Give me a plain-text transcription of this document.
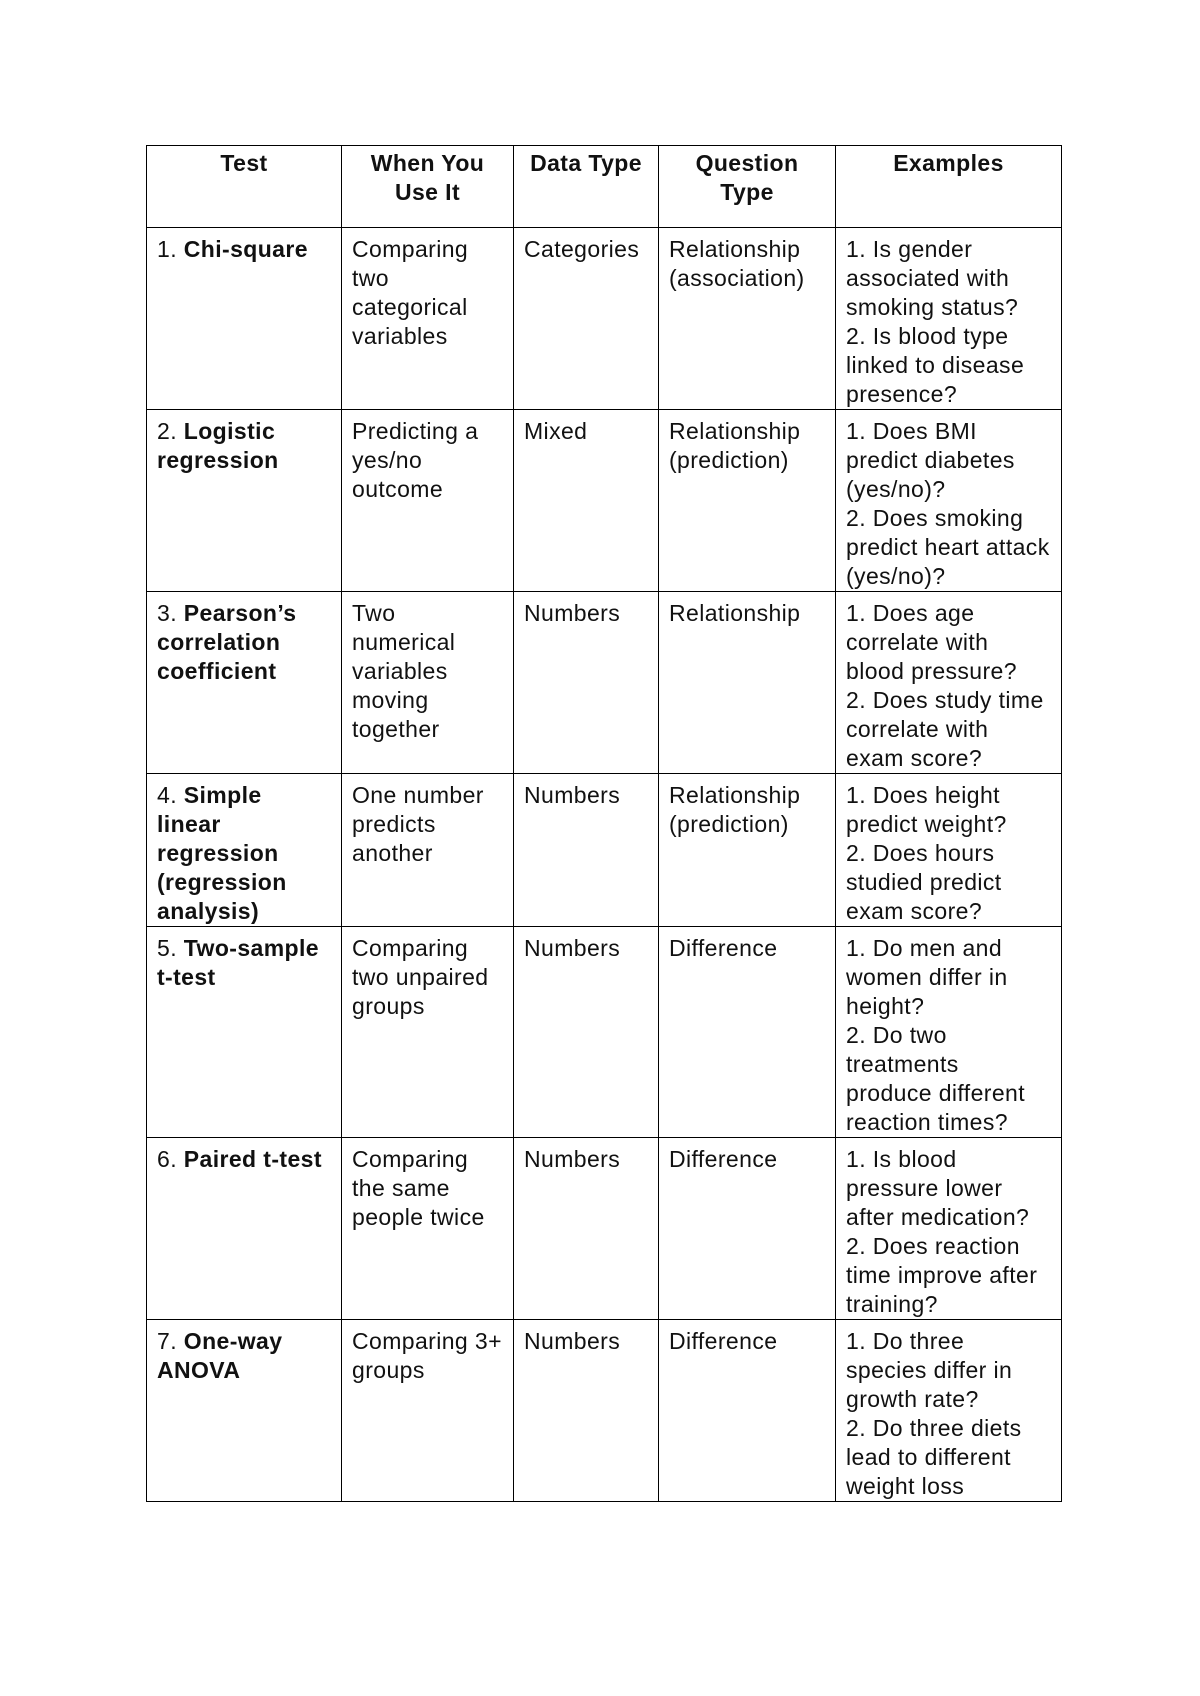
Test	When You Use It	Data Type	Question Type	Examples
1. Chi-square	Comparing two categorical variables	Categories	Relationship (association)	1. Is gender associated with smoking status?
2. Is blood type linked to disease presence?

2. Logistic regression	Predicting a yes/no outcome	Mixed	Relationship (prediction)	1. Does BMI predict diabetes (yes/no)?
2. Does smoking predict heart attack (yes/no)?

3. Pearson’s correlation coefficient	Two numerical variables moving together	Numbers	Relationship	1. Does age correlate with blood pressure?
2. Does study time correlate with exam score?

4. Simple linear regression (regression analysis)	One number predicts another	Numbers	Relationship (prediction)	1. Does height predict weight?
2. Does hours studied predict exam score?

5. Two-sample t-test	Comparing two unpaired groups	Numbers	Difference	1. Do men and women differ in height?
2. Do two treatments produce different reaction times?

6. Paired t-test	Comparing the same people twice	Numbers	Difference	1. Is blood pressure lower after medication?
2. Does reaction time improve after training?

7. One-way ANOVA	Comparing 3+ groups	Numbers	Difference	1. Do three species differ in growth rate?
2. Do three diets lead to different weight loss
